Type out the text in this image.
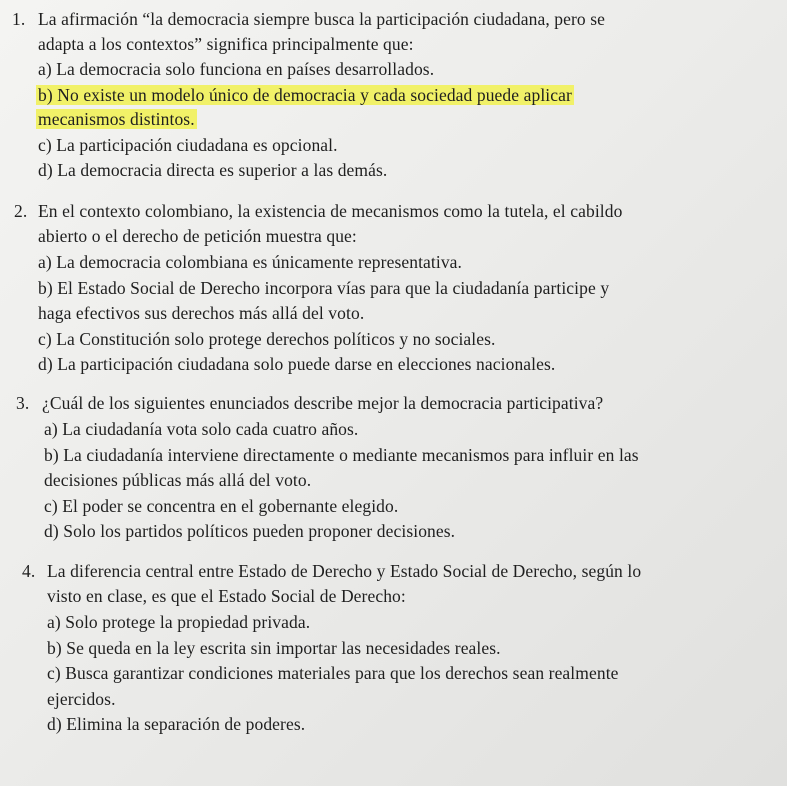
1. La afirmación “la democracia siempre busca la participación ciudadana, pero se
adapta a los contextos” significa principalmente que:
a) La democracia solo funciona en países desarrollados.
b) No existe un modelo único de democracia y cada sociedad puede aplicar
mecanismos distintos.
c) La participación ciudadana es opcional.
d) La democracia directa es superior a las demás.
2. En el contexto colombiano, la existencia de mecanismos como la tutela, el cabildo
abierto o el derecho de petición muestra que:
a) La democracia colombiana es únicamente representativa.
b) El Estado Social de Derecho incorpora vías para que la ciudadanía participe y
haga efectivos sus derechos más allá del voto.
c) La Constitución solo protege derechos políticos y no sociales.
d) La participación ciudadana solo puede darse en elecciones nacionales.
3. ¿Cuál de los siguientes enunciados describe mejor la democracia participativa?
a) La ciudadanía vota solo cada cuatro años.
b) La ciudadanía interviene directamente o mediante mecanismos para influir en las
decisiones públicas más allá del voto.
c) El poder se concentra en el gobernante elegido.
d) Solo los partidos políticos pueden proponer decisiones.
4. La diferencia central entre Estado de Derecho y Estado Social de Derecho, según lo
visto en clase, es que el Estado Social de Derecho:
a) Solo protege la propiedad privada.
b) Se queda en la ley escrita sin importar las necesidades reales.
c) Busca garantizar condiciones materiales para que los derechos sean realmente
ejercidos.
d) Elimina la separación de poderes.
